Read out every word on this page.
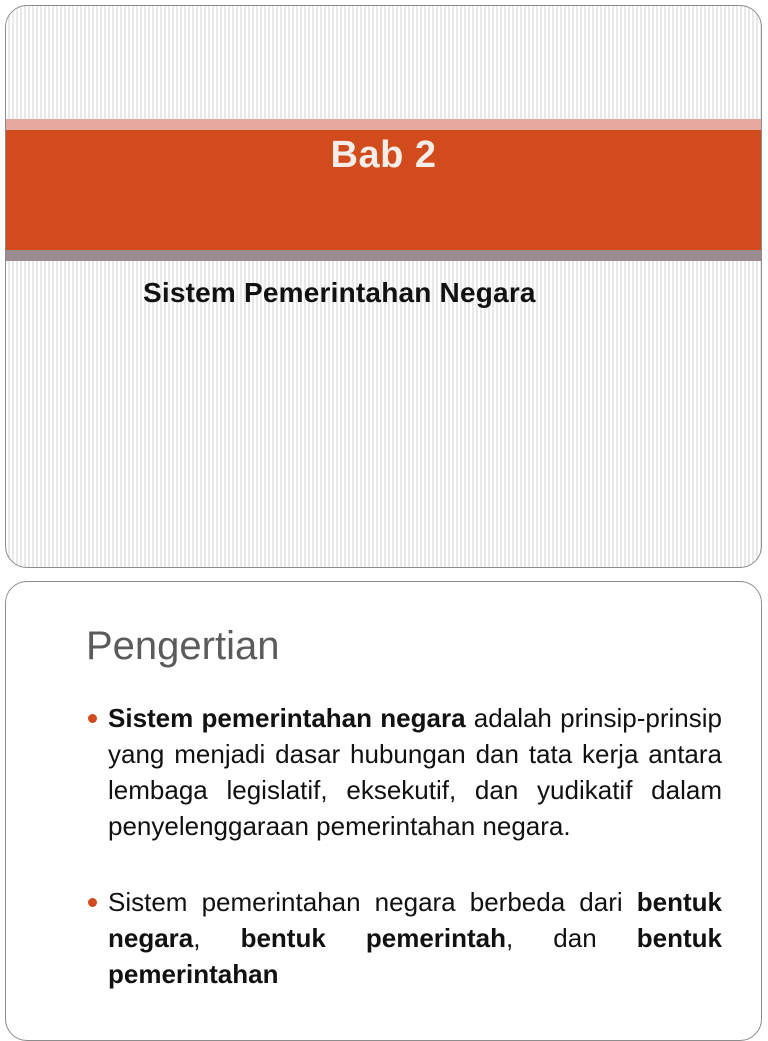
Bab 2
Sistem Pemerintahan Negara
Pengertian

Sistem pemerintahan negara adalah prinsip-prinsip yang menjadi dasar hubungan dan tata kerja antara lembaga legislatif, eksekutif, dan yudikatif dalam penyelenggaraan pemerintahan negara.

Sistem pemerintahan negara berbeda dari bentuk negara, bentuk pemerintah, dan bentuk pemerintahan
